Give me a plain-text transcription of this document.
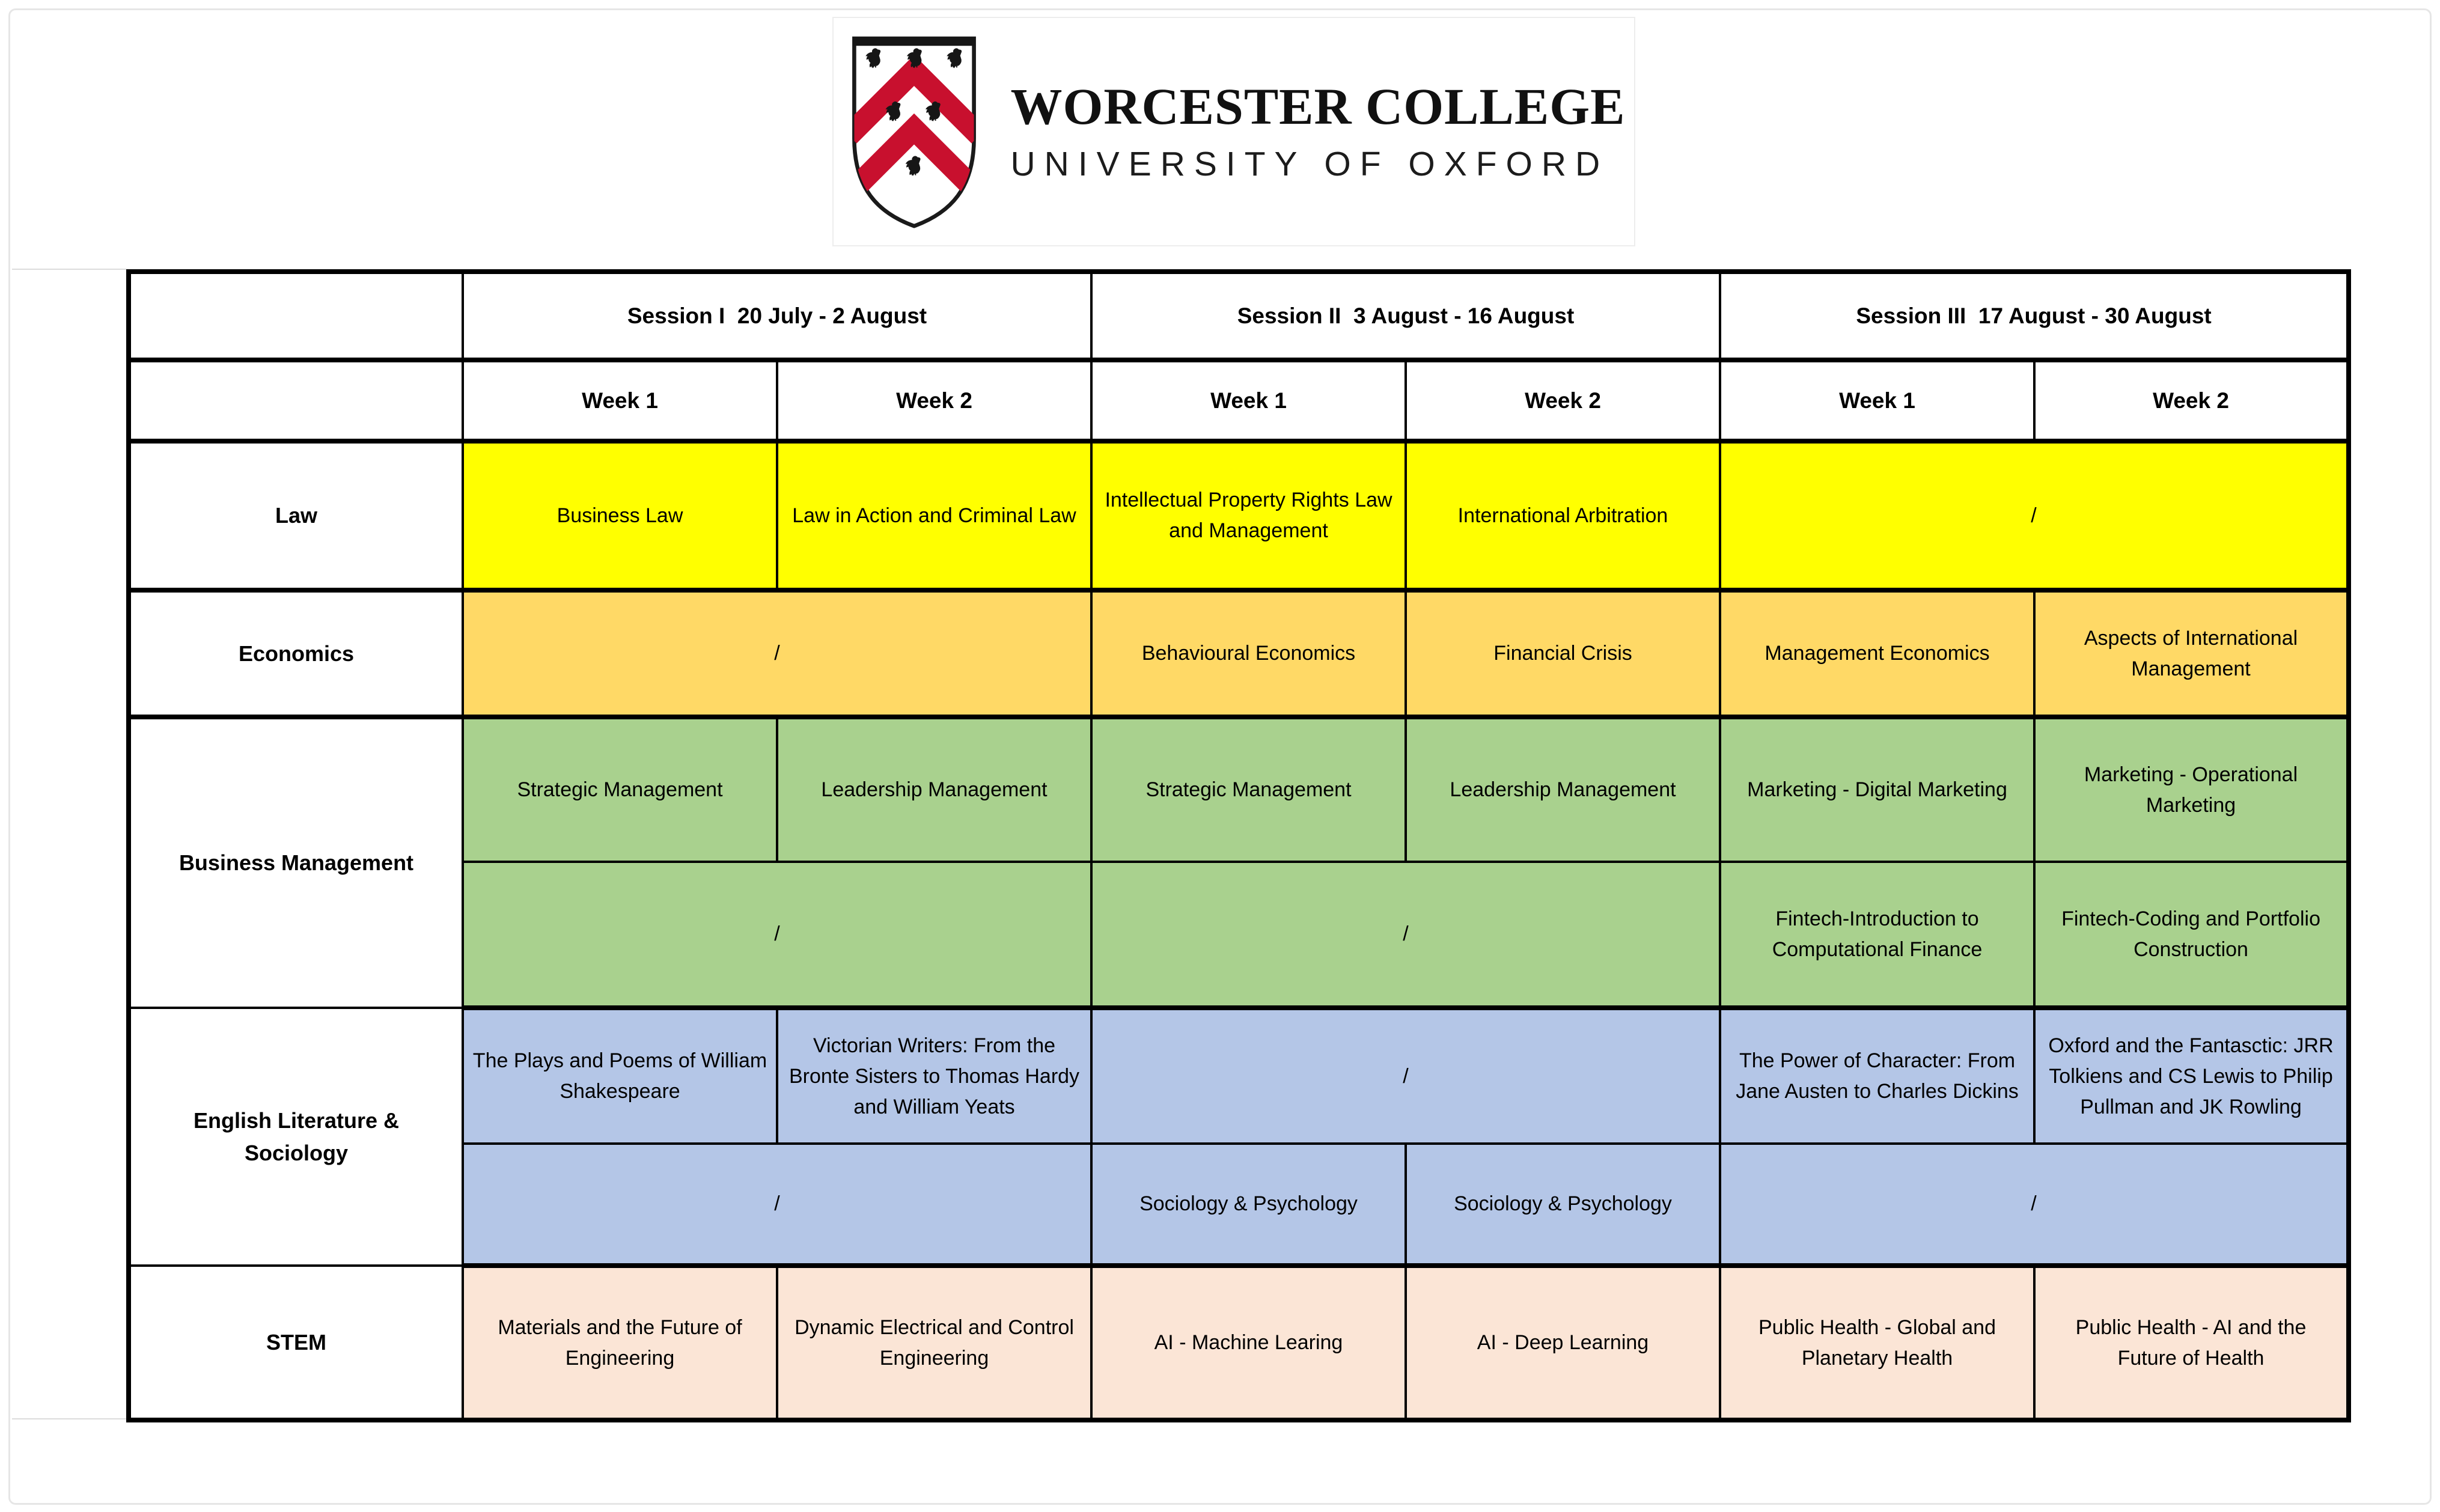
WORCESTER COLLEGE
UNIVERSITY OF OXFORD
	Session I  20 July - 2 August		Session II  3 August - 16 August		Session III  17 August - 30 August	
	Week 1	Week 2	Week 1	Week 2	Week 1	Week 2
Law	Business Law	Law in Action and Criminal Law	Intellectual Property Rights Law and Management	International Arbitration	/	
Economics	/		Behavioural Economics	Financial Crisis	Management Economics	Aspects of International Management
Business Management	Strategic Management	Leadership Management	Strategic Management	Leadership Management	Marketing - Digital Marketing	Marketing - Operational Marketing
	/		/		Fintech-Introduction to Computational Finance	Fintech-Coding and Portfolio Construction
English Literature & Sociology	The Plays and Poems of William Shakespeare	Victorian Writers: From the Bronte Sisters to Thomas Hardy and William Yeats	/		The Power of Character: From Jane Austen to Charles Dickins	Oxford and the Fantasctic: JRR Tolkiens and CS Lewis to Philip Pullman and JK Rowling
	/		Sociology & Psychology	Sociology & Psychology	/	
STEM	Materials and the Future of Engineering	Dynamic Electrical and Control Engineering	AI - Machine Learing	AI - Deep Learning	Public Health - Global and Planetary Health	Public Health - AI and the Future of Health
